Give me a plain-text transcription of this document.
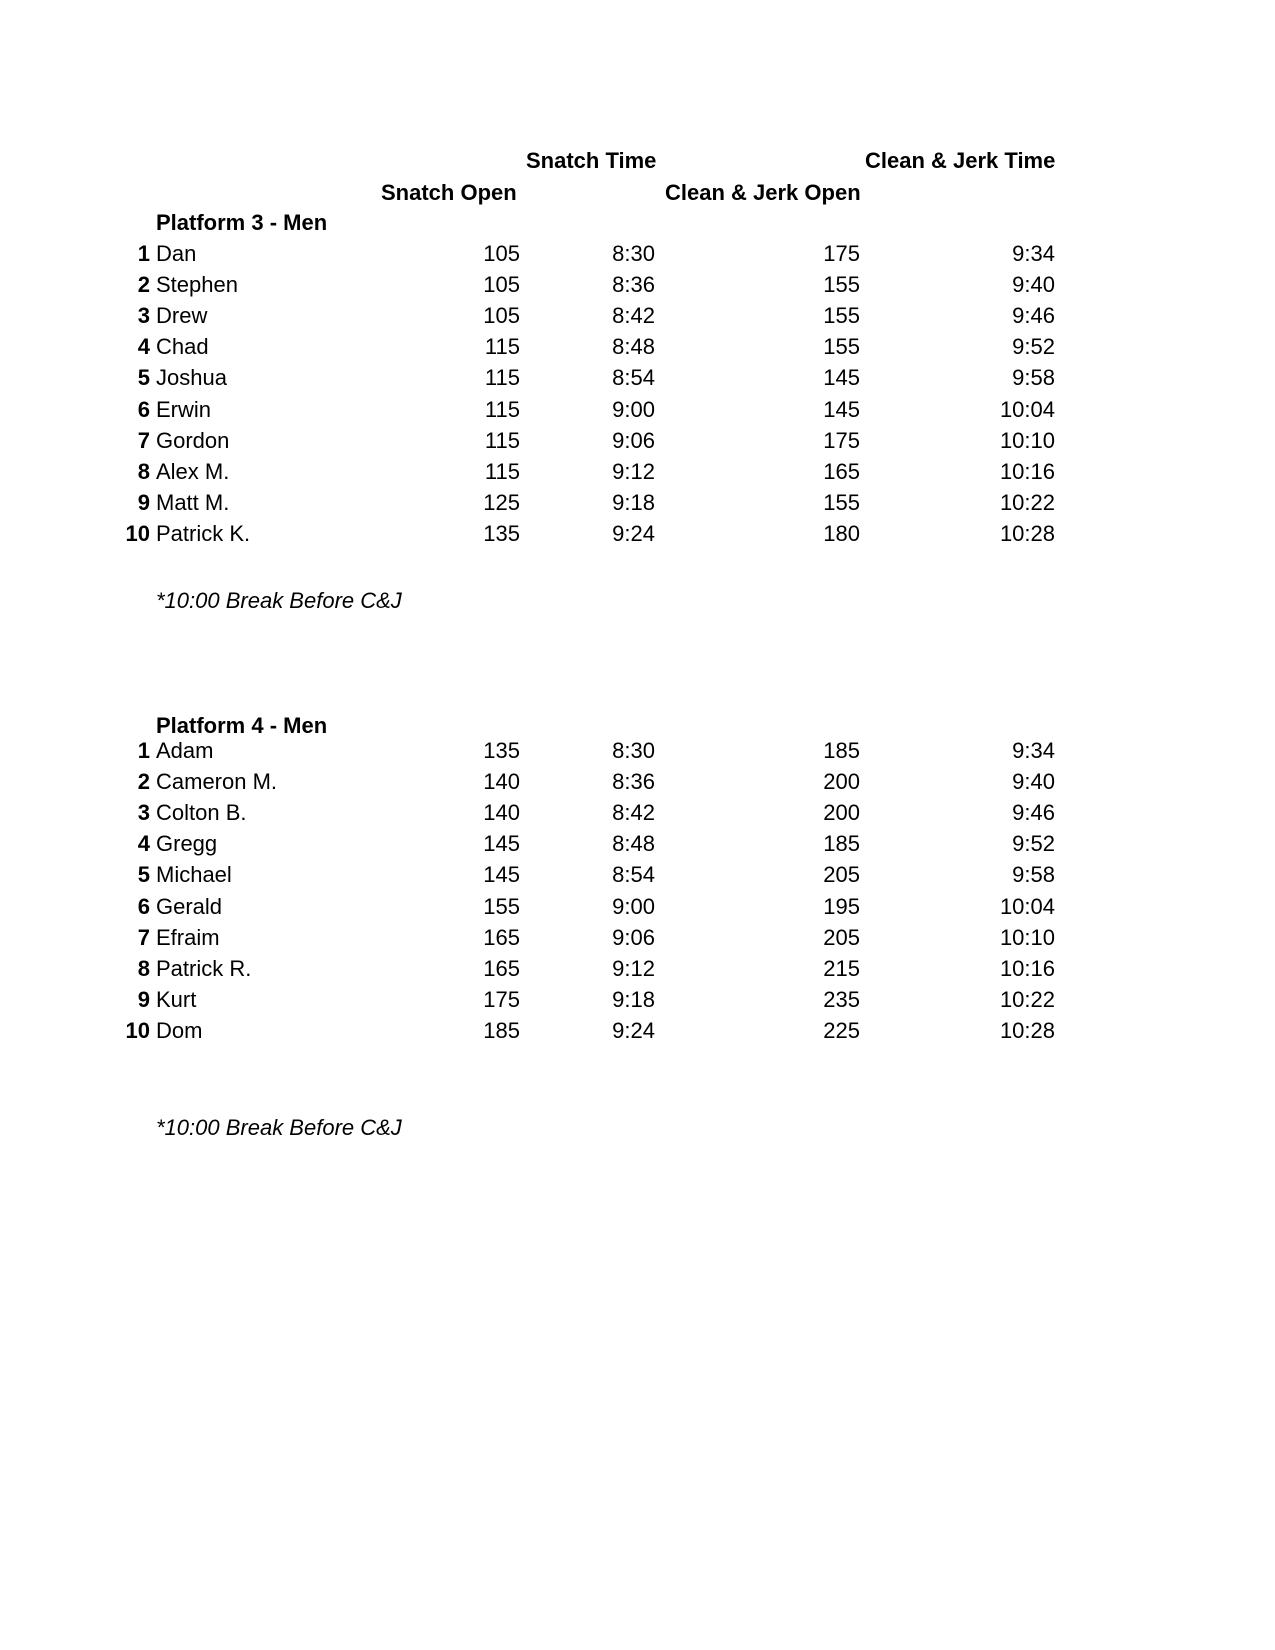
Snatch Time	Clean & Jerk Time
Snatch Open	Clean & Jerk Open
Platform 3 - Men
1 Dan	105	8:30	175	9:34
2 Stephen	105	8:36	155	9:40
3 Drew	105	8:42	155	9:46
4 Chad	115	8:48	155	9:52
5 Joshua	115	8:54	145	9:58
6 Erwin	115	9:00	145	10:04
7 Gordon	115	9:06	175	10:10
8 Alex M.	115	9:12	165	10:16
9 Matt M.	125	9:18	155	10:22
10 Patrick K.	135	9:24	180	10:28
*10:00 Break Before C&J
Platform 4 - Men
1 Adam	135	8:30	185	9:34
2 Cameron M.	140	8:36	200	9:40
3 Colton B.	140	8:42	200	9:46
4 Gregg	145	8:48	185	9:52
5 Michael	145	8:54	205	9:58
6 Gerald	155	9:00	195	10:04
7 Efraim	165	9:06	205	10:10
8 Patrick R.	165	9:12	215	10:16
9 Kurt	175	9:18	235	10:22
10 Dom	185	9:24	225	10:28
*10:00 Break Before C&J
